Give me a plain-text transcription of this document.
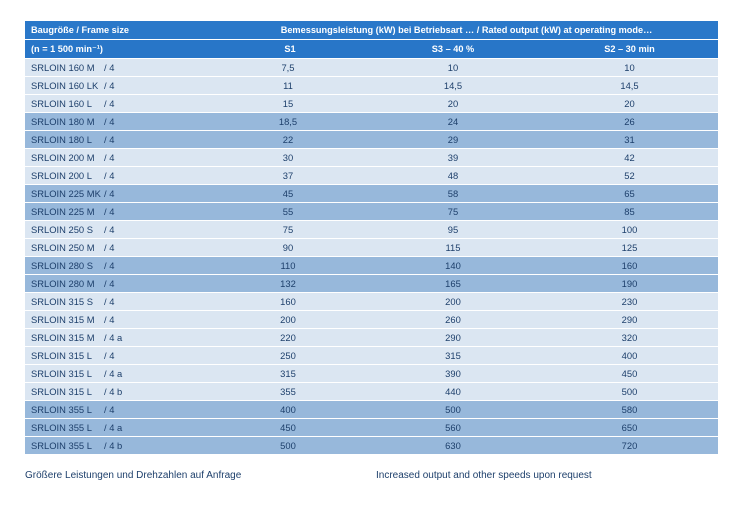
Baugröße / Frame size	Bemessungsleistung (kW) bei Betriebsart … / Rated output (kW) at operating mode…		
(n = 1 500 min⁻¹)	S1	S3 – 40 %	S2 – 30 min
SRLOIN 160 M / 4	7,5	10	10
SRLOIN 160 LK / 4	11	14,5	14,5
SRLOIN 160 L / 4	15	20	20
SRLOIN 180 M / 4	18,5	24	26
SRLOIN 180 L / 4	22	29	31
SRLOIN 200 M / 4	30	39	42
SRLOIN 200 L / 4	37	48	52
SRLOIN 225 MK / 4	45	58	65
SRLOIN 225 M / 4	55	75	85
SRLOIN 250 S / 4	75	95	100
SRLOIN 250 M / 4	90	115	125
SRLOIN 280 S / 4	110	140	160
SRLOIN 280 M / 4	132	165	190
SRLOIN 315 S / 4	160	200	230
SRLOIN 315 M / 4	200	260	290
SRLOIN 315 M / 4 a	220	290	320
SRLOIN 315 L / 4	250	315	400
SRLOIN 315 L / 4 a	315	390	450
SRLOIN 315 L / 4 b	355	440	500
SRLOIN 355 L / 4	400	500	580
SRLOIN 355 L / 4 a	450	560	650
SRLOIN 355 L / 4 b	500	630	720
Größere Leistungen und Drehzahlen auf Anfrage	Increased output and other speeds upon request
